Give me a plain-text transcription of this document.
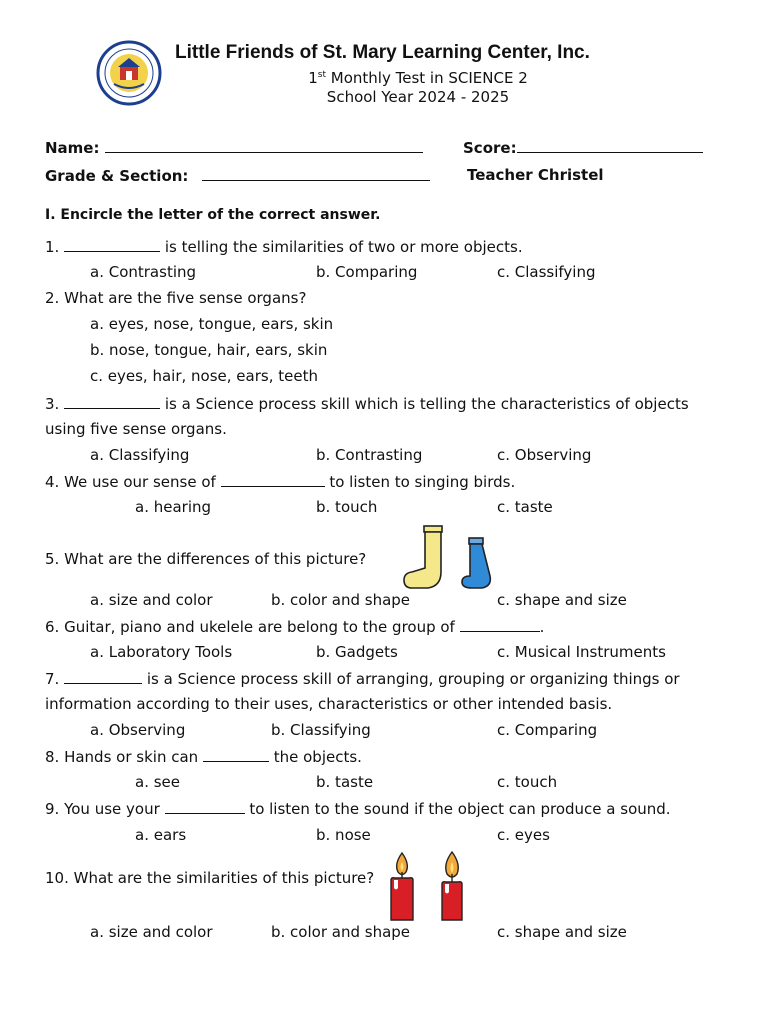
Little Friends of St. Mary Learning Center, Inc.
1st Monthly Test in SCIENCE 2
School Year 2024 - 2025
Name:	Score:
Grade & Section:	Teacher Christel
I. Encircle the letter of the correct answer.
1.	is telling the similarities of two or more objects.
a. Contrasting	b. Comparing	c. Classifying
2. What are the five sense organs?
a. eyes, nose, tongue, ears, skin
b. nose, tongue, hair, ears, skin
c. eyes, hair, nose, ears, teeth
3.	is a Science process skill which is telling the characteristics of objects
using five sense organs.
a. Classifying	b. Contrasting	c. Observing
4. We use our sense of	to listen to singing birds.
a. hearing	b. touch	c. taste
5. What are the differences of this picture?
a. size and color	b. color and shape	c. shape and size
6. Guitar, piano and ukelele are belong to the group of	.
a. Laboratory Tools	b. Gadgets	c. Musical Instruments
7.	is a Science process skill of arranging, grouping or organizing things or
information according to their uses, characteristics or other intended basis.
a. Observing	b. Classifying	c. Comparing
8. Hands or skin can	the objects.
a. see	b. taste	c. touch
9. You use your	to listen to the sound if the object can produce a sound.
a. ears	b. nose	c. eyes
10. What are the similarities of this picture?
a. size and color	b. color and shape	c. shape and size
